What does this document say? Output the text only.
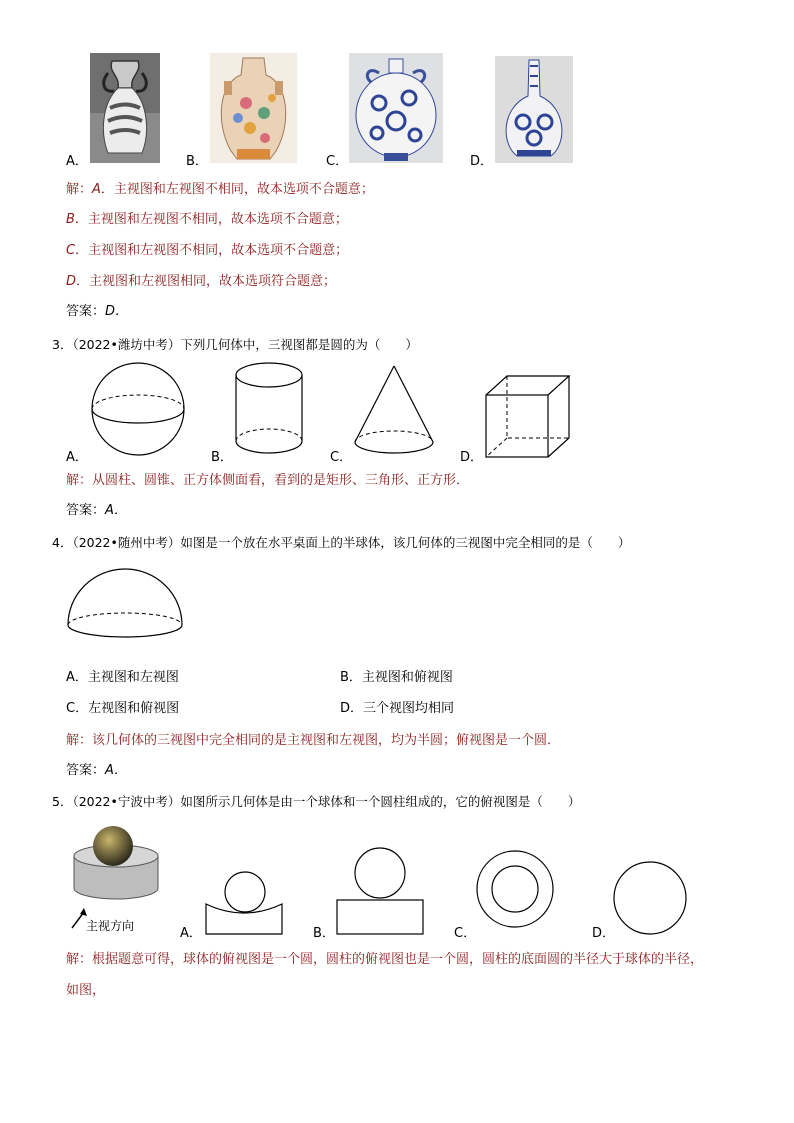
A．	B．	C．	D．
解：A．主视图和左视图不相同，故本选项不合题意；
B．主视图和左视图不相同，故本选项不合题意；
C．主视图和左视图不相同，故本选项不合题意；
D．主视图和左视图相同，故本选项符合题意；
答案：D．
3．（2022•潍坊中考）下列几何体中，三视图都是圆的为（　　）
A．	B．	C．	D．
解：从圆柱、圆锥、正方体侧面看，看到的是矩形、三角形、正方形．
答案：A．
4．（2022•随州中考）如图是一个放在水平桌面上的半球体，该几何体的三视图中完全相同的是（　　）
A．主视图和左视图	B．主视图和俯视图
C．左视图和俯视图	D．三个视图均相同
解：该几何体的三视图中完全相同的是主视图和左视图，均为半圆；俯视图是一个圆．
答案：A．
5．（2022•宁波中考）如图所示几何体是由一个球体和一个圆柱组成的，它的俯视图是（　　）
主视方向	A．	B．	C．	D．
解：根据题意可得，球体的俯视图是一个圆，圆柱的俯视图也是一个圆，圆柱的底面圆的半径大于球体的半径，
如图，
